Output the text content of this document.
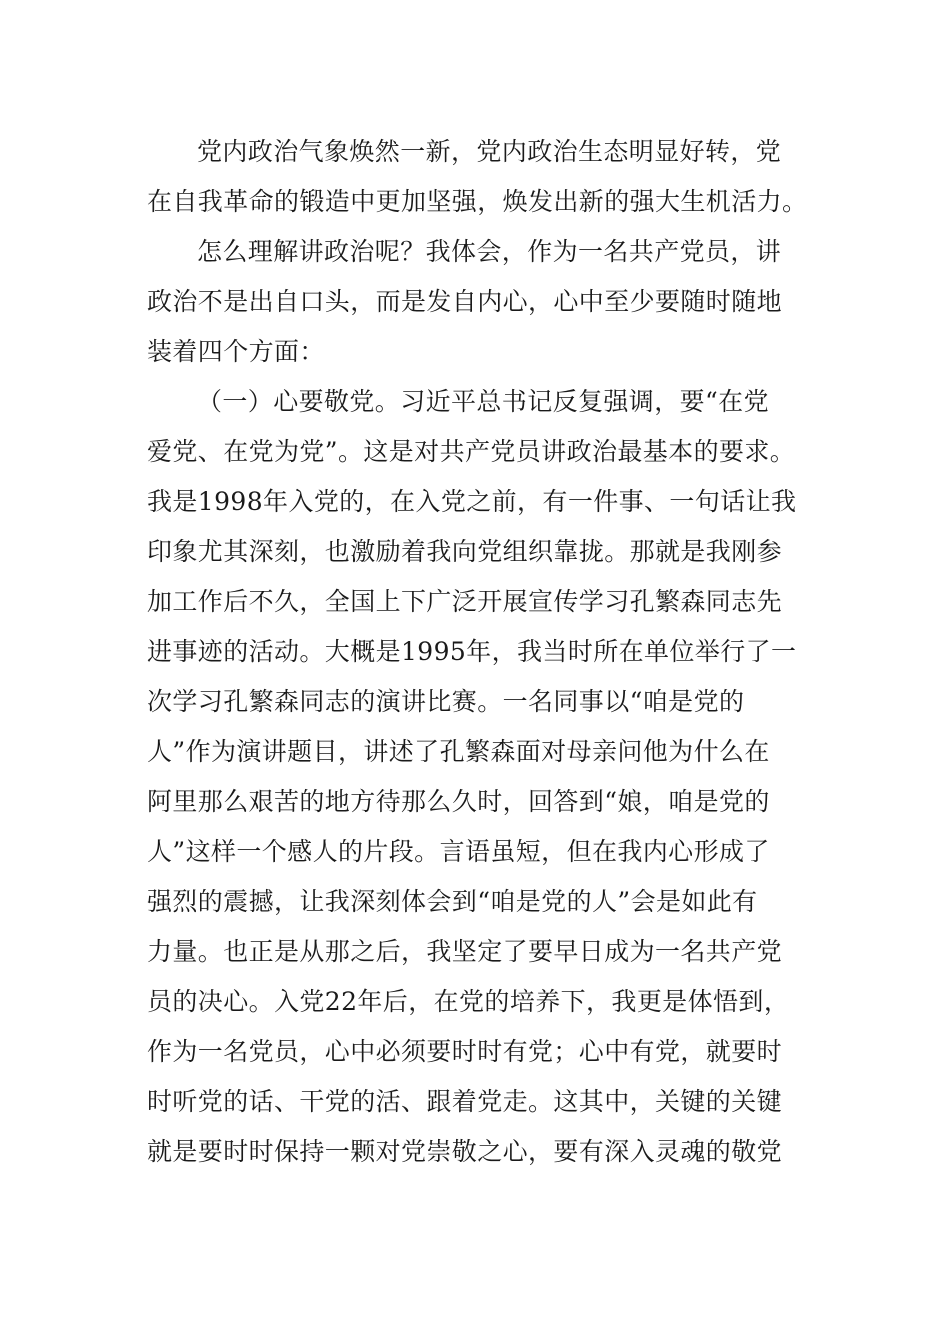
党内政治气象焕然一新，党内政治生态明显好转，党
在自我革命的锻造中更加坚强，焕发出新的强大生机活力。
怎么理解讲政治呢？我体会，作为一名共产党员，讲
政治不是出自口头，而是发自内心，心中至少要随时随地
装着四个方面：
（一）心要敬党。习近平总书记反复强调，要“在党
爱党、在党为党”。这是对共产党员讲政治最基本的要求。
我是1998年入党的，在入党之前，有一件事、一句话让我
印象尤其深刻，也激励着我向党组织靠拢。那就是我刚参
加工作后不久，全国上下广泛开展宣传学习孔繁森同志先
进事迹的活动。大概是1995年，我当时所在单位举行了一
次学习孔繁森同志的演讲比赛。一名同事以“咱是党的
人”作为演讲题目，讲述了孔繁森面对母亲问他为什么在
阿里那么艰苦的地方待那么久时，回答到“娘，咱是党的
人”这样一个感人的片段。言语虽短，但在我内心形成了
强烈的震撼，让我深刻体会到“咱是党的人”会是如此有
力量。也正是从那之后，我坚定了要早日成为一名共产党
员的决心。入党22年后，在党的培养下，我更是体悟到，
作为一名党员，心中必须要时时有党；心中有党，就要时
时听党的话、干党的活、跟着党走。这其中，关键的关键
就是要时时保持一颗对党崇敬之心，要有深入灵魂的敬党
